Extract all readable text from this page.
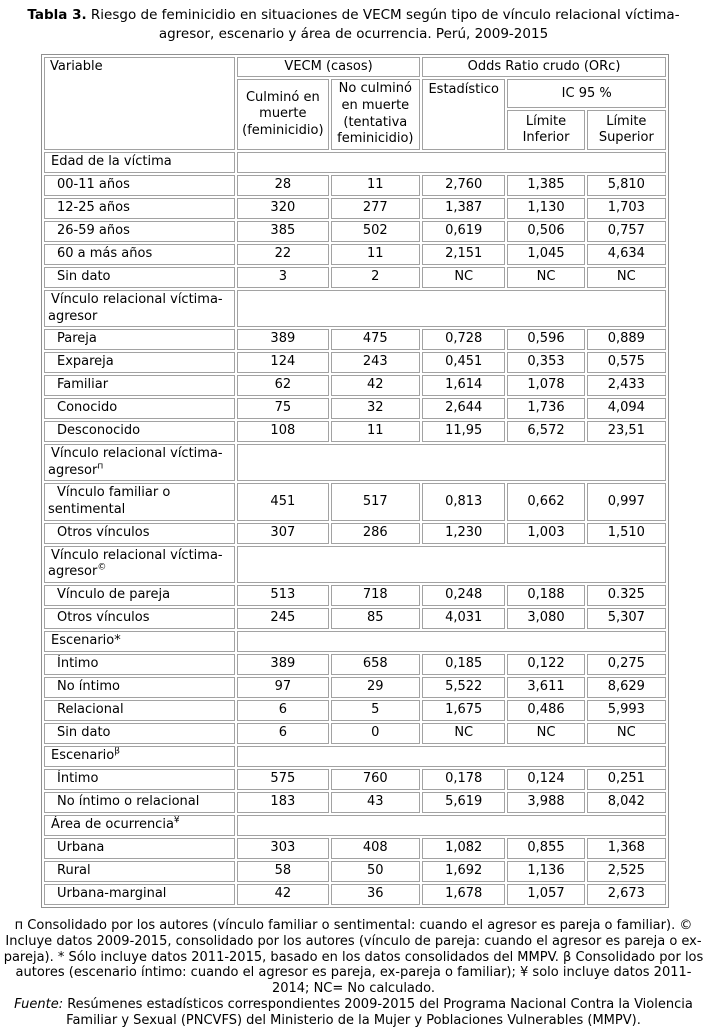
Tabla 3. Riesgo de feminicidio en situaciones de VECM según tipo de vínculo relacional víctima-agresor, escenario y área de ocurrencia. Perú, 2009-2015
Variable	VECM (casos)		Odds Ratio crudo (ORc)		
	Culminó en muerte (feminicidio)	No culminó en muerte (tentativa feminicidio)	Estadístico	IC 95 %	
				Límite Inferior	Límite Superior
Edad de la víctima					
00-11 años	28	11	2,760	1,385	5,810
12-25 años	320	277	1,387	1,130	1,703
26-59 años	385	502	0,619	0,506	0,757
60 a más años	22	11	2,151	1,045	4,634
Sin dato	3	2	NC	NC	NC
Vínculo relacional víctima-agresor					
Pareja	389	475	0,728	0,596	0,889
Expareja	124	243	0,451	0,353	0,575
Familiar	62	42	1,614	1,078	2,433
Conocido	75	32	2,644	1,736	4,094
Desconocido	108	11	11,95	6,572	23,51
Vínculo relacional víctima-agresor$^п$	
Vínculo familiar o sentimental	451	517	0,813	0,662	0,997
Otros vínculos	307	286	1,230	1,003	1,510
Vínculo relacional víctima-agresor©	
Vínculo de pareja	513	718	0,248	0,188	0.325
Otros vínculos	245	85	4,031	3,080	5,307
Escenario*					
Íntimo	389	658	0,185	0,122	0,275
No íntimo	97	29	5,522	3,611	8,629
Relacional	6	5	1,675	0,486	5,993
Sin dato	6	0	NC	NC	NC
Escenario$^\beta$	
Íntimo	575	760	0,178	0,124	0,251
No íntimo o relacional	183	43	5,619	3,988	8,042
Área de ocurrencia¥	
Urbana	303	408	1,082	0,855	1,368
Rural	58	50	1,692	1,136	2,525
Urbana-marginal	42	36	1,678	1,057	2,673
п Consolidado por los autores (vínculo familiar o sentimental: cuando el agresor es pareja o familiar). © Incluye datos 2009-2015, consolidado por los autores (vínculo de pareja: cuando el agresor es pareja o ex-pareja). * Sólo incluye datos 2011-2015, basado en los datos consolidados del MMPV. β Consolidado por los autores (escenario íntimo: cuando el agresor es pareja, ex-pareja o familiar); ¥ solo incluye datos 2011-2014; NC= No calculado.
Fuente: Resúmenes estadísticos correspondientes 2009-2015 del Programa Nacional Contra la Violencia Familiar y Sexual (PNCVFS) del Ministerio de la Mujer y Poblaciones Vulnerables (MMPV).
